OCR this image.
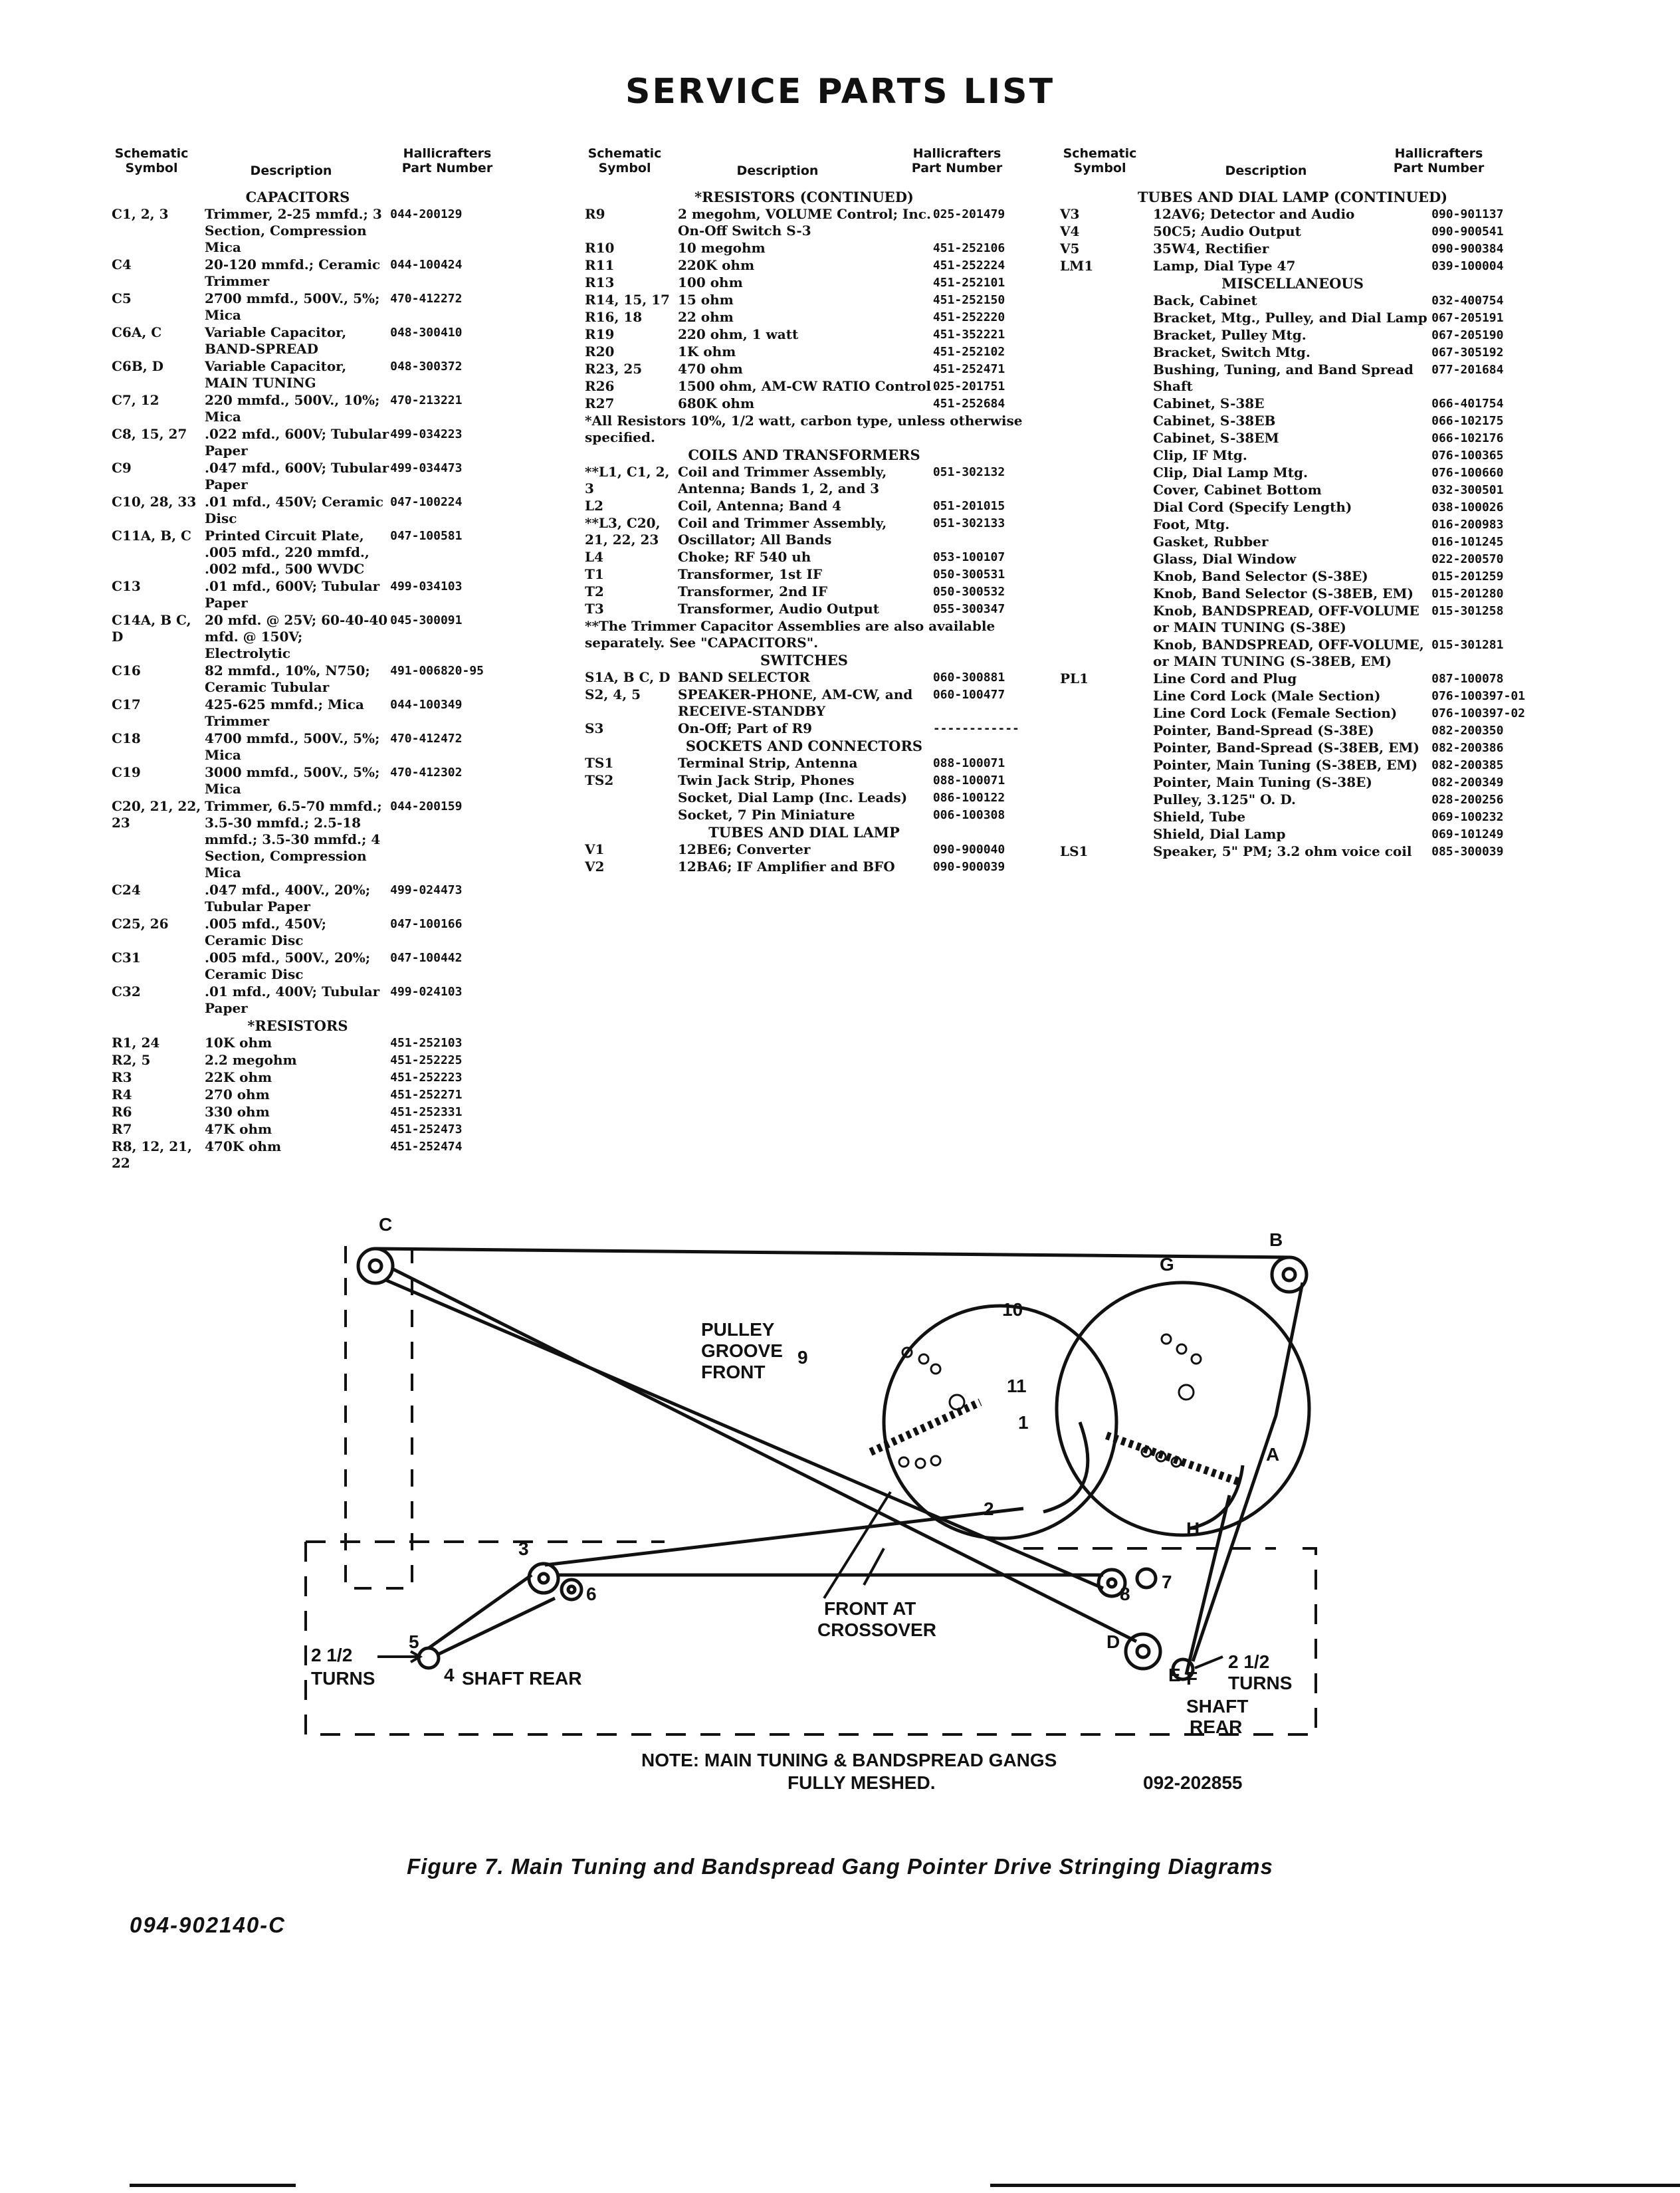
SERVICE PARTS LIST
Schematic
Symbol	Description
Hallicrafters
Part Number
CAPACITORS		
C1, 2, 3	Trimmer, 2-25 mmfd.; 3 Section, Compression Mica	044-200129
C4	20-120 mmfd.; Ceramic Trimmer	044-100424
C5	2700 mmfd., 500V., 5%; Mica	470-412272
C6A, C	Variable Capacitor, BAND-SPREAD	048-300410
C6B, D	Variable Capacitor, MAIN TUNING	048-300372
C7, 12	220 mmfd., 500V., 10%; Mica	470-213221
C8, 15, 27	.022 mfd., 600V; Tubular Paper	499-034223
C9	.047 mfd., 600V; Tubular Paper	499-034473
C10, 28, 33	.01 mfd., 450V; Ceramic Disc	047-100224
C11A, B, C	Printed Circuit Plate, .005 mfd., 220 mmfd., .002 mfd., 500 WVDC	047-100581
C13	.01 mfd., 600V; Tubular Paper	499-034103
C14A, B C, D	20 mfd. @ 25V; 60-40-40 mfd. @ 150V; Electrolytic	045-300091
C16	82 mmfd., 10%, N750; Ceramic Tubular	491-006820-95
C17	425-625 mmfd.; Mica Trimmer	044-100349
C18	4700 mmfd., 500V., 5%; Mica	470-412472
C19	3000 mmfd., 500V., 5%; Mica	470-412302
C20, 21, 22, 23	Trimmer, 6.5-70 mmfd.; 3.5-30 mmfd.; 2.5-18 mmfd.; 3.5-30 mmfd.; 4 Section, Compression Mica	044-200159
C24	.047 mfd., 400V., 20%; Tubular Paper	499-024473
C25, 26	.005 mfd., 450V; Ceramic Disc	047-100166
C31	.005 mfd., 500V., 20%; Ceramic Disc	047-100442
C32	.01 mfd., 400V; Tubular Paper	499-024103
*RESISTORS		
R1, 24	10K ohm	451-252103
R2, 5	2.2 megohm	451-252225
R3	22K ohm	451-252223
R4	270 ohm	451-252271
R6	330 ohm	451-252331
R7	47K ohm	451-252473
R8, 12, 21, 22	470K ohm	451-252474
Schematic
Symbol	Description
Hallicrafters
Part Number
*RESISTORS (CONTINUED)		
R9	2 megohm, VOLUME Control; Inc. On-Off Switch S-3	025-201479
R10	10 megohm	451-252106
R11	220K ohm	451-252224
R13	100 ohm	451-252101
R14, 15, 17	15 ohm	451-252150
R16, 18	22 ohm	451-252220
R19	220 ohm, 1 watt	451-352221
R20	1K ohm	451-252102
R23, 25	470 ohm	451-252471
R26	1500 ohm, AM-CW RATIO Control	025-201751
R27	680K ohm	451-252684
*All Resistors 10%, 1/2 watt, carbon type, unless otherwise specified.		
COILS AND TRANSFORMERS		
**L1, C1, 2, 3	Coil and Trimmer Assembly, Antenna; Bands 1, 2, and 3	051-302132
L2	Coil, Antenna; Band 4	051-201015
**L3, C20, 21, 22, 23	Coil and Trimmer Assembly, Oscillator; All Bands	051-302133
L4	Choke; RF 540 uh	053-100107
T1	Transformer, 1st IF	050-300531
T2	Transformer, 2nd IF	050-300532
T3	Transformer, Audio Output	055-300347
**The Trimmer Capacitor Assemblies are also available separately. See "CAPACITORS".		
SWITCHES		
S1A, B C, D	BAND SELECTOR	060-300881
S2, 4, 5	SPEAKER-PHONE, AM-CW, and RECEIVE-STANDBY	060-100477
S3	On-Off; Part of R9	------------
SOCKETS AND CONNECTORS		
TS1	Terminal Strip, Antenna	088-100071
TS2	Twin Jack Strip, Phones	088-100071
	Socket, Dial Lamp (Inc. Leads)	086-100122
	Socket, 7 Pin Miniature	006-100308
TUBES AND DIAL LAMP		
V1	12BE6; Converter	090-900040
V2	12BA6; IF Amplifier and BFO	090-900039
Schematic
Symbol	Description
Hallicrafters
Part Number
TUBES AND DIAL LAMP (CONTINUED)		
V3	12AV6; Detector and Audio	090-901137
V4	50C5; Audio Output	090-900541
V5	35W4, Rectifier	090-900384
LM1	Lamp, Dial Type 47	039-100004
MISCELLANEOUS		
	Back, Cabinet	032-400754
	Bracket, Mtg., Pulley, and Dial Lamp	067-205191
	Bracket, Pulley Mtg.	067-205190
	Bracket, Switch Mtg.	067-305192
	Bushing, Tuning, and Band Spread Shaft	077-201684
	Cabinet, S-38E	066-401754
	Cabinet, S-38EB	066-102175
	Cabinet, S-38EM	066-102176
	Clip, IF Mtg.	076-100365
	Clip, Dial Lamp Mtg.	076-100660
	Cover, Cabinet Bottom	032-300501
	Dial Cord (Specify Length)	038-100026
	Foot, Mtg.	016-200983
	Gasket, Rubber	016-101245
	Glass, Dial Window	022-200570
	Knob, Band Selector (S-38E)	015-201259
	Knob, Band Selector (S-38EB, EM)	015-201280
	Knob, BANDSPREAD, OFF-VOLUME or MAIN TUNING (S-38E)	015-301258
	Knob, BANDSPREAD, OFF-VOLUME, or MAIN TUNING (S-38EB, EM)	015-301281
PL1	Line Cord and Plug	087-100078
	Line Cord Lock (Male Section)	076-100397-01
	Line Cord Lock (Female Section)	076-100397-02
	Pointer, Band-Spread (S-38E)	082-200350
	Pointer, Band-Spread (S-38EB, EM)	082-200386
	Pointer, Main Tuning (S-38EB, EM)	082-200385
	Pointer, Main Tuning (S-38E)	082-200349
	Pulley, 3.125" O. D.	028-200256
	Shield, Tube	069-100232
	Shield, Dial Lamp	069-101249
LS1	Speaker, 5" PM; 3.2 ohm voice coil	085-300039
C
B
10
9
G
A
H
1
11
2
3
6
5
4
7
8
D
E F
PULLEY
GROOVE
FRONT
FRONT AT
CROSSOVER
2 1/2
TURNS	SHAFT REAR
2 1/2
TURNS
SHAFT
REAR
NOTE: MAIN TUNING & BANDSPREAD GANGS
FULLY MESHED.	092-202855
Figure 7. Main Tuning and Bandspread Gang Pointer Drive Stringing Diagrams
094-902140-C
